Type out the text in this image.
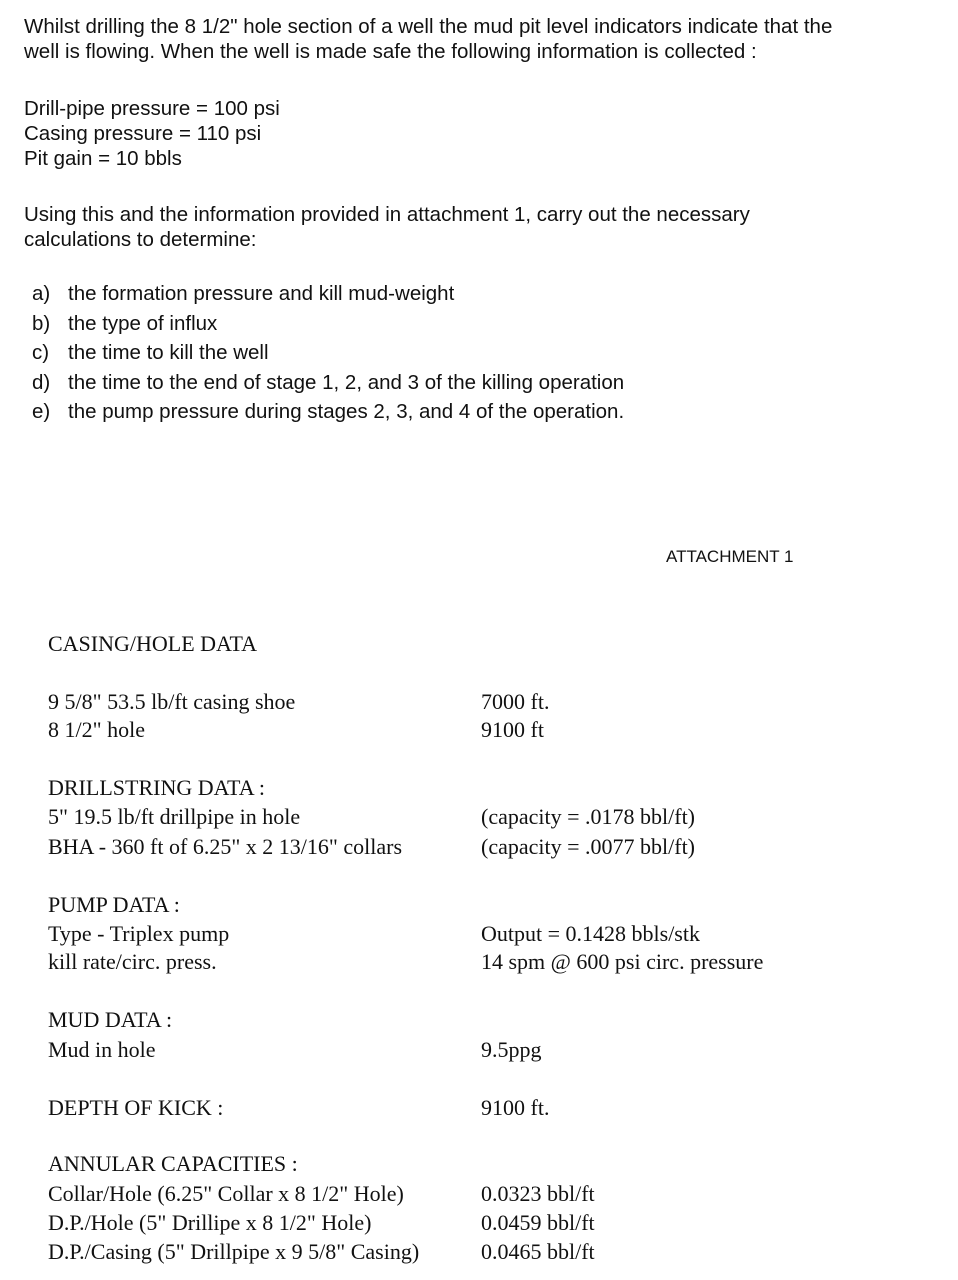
Whilst drilling the 8 1/2" hole section of a well the mud pit level indicators indicate that the
well is flowing. When the well is made safe the following information is collected :
Drill-pipe pressure = 100 psi
Casing pressure = 110 psi
Pit gain = 10 bbls
Using this and the information provided in attachment 1, carry out the necessary
calculations to determine:
a) the formation pressure and kill mud-weight
b) the type of influx
c) the time to kill the well
d) the time to the end of stage 1, 2, and 3 of the killing operation
e) the pump pressure during stages 2, 3, and 4 of the operation.
ATTACHMENT 1
CASING/HOLE DATA
9 5/8" 53.5 lb/ft casing shoe	7000 ft.
8 1/2" hole	9100 ft
DRILLSTRING DATA :
5" 19.5 lb/ft drillpipe in hole	(capacity = .0178 bbl/ft)
BHA - 360 ft of 6.25" x 2 13/16" collars	(capacity = .0077 bbl/ft)
PUMP DATA :
Type - Triplex pump	Output = 0.1428 bbls/stk
kill rate/circ. press.	14 spm @ 600 psi circ. pressure
MUD DATA :
Mud in hole	9.5ppg
DEPTH OF KICK :	9100 ft.
ANNULAR CAPACITIES :
Collar/Hole (6.25" Collar x 8 1/2" Hole)	0.0323 bbl/ft
D.P./Hole (5" Drillipe x 8 1/2" Hole)	0.0459 bbl/ft
D.P./Casing (5" Drillpipe x 9 5/8" Casing)	0.0465 bbl/ft
